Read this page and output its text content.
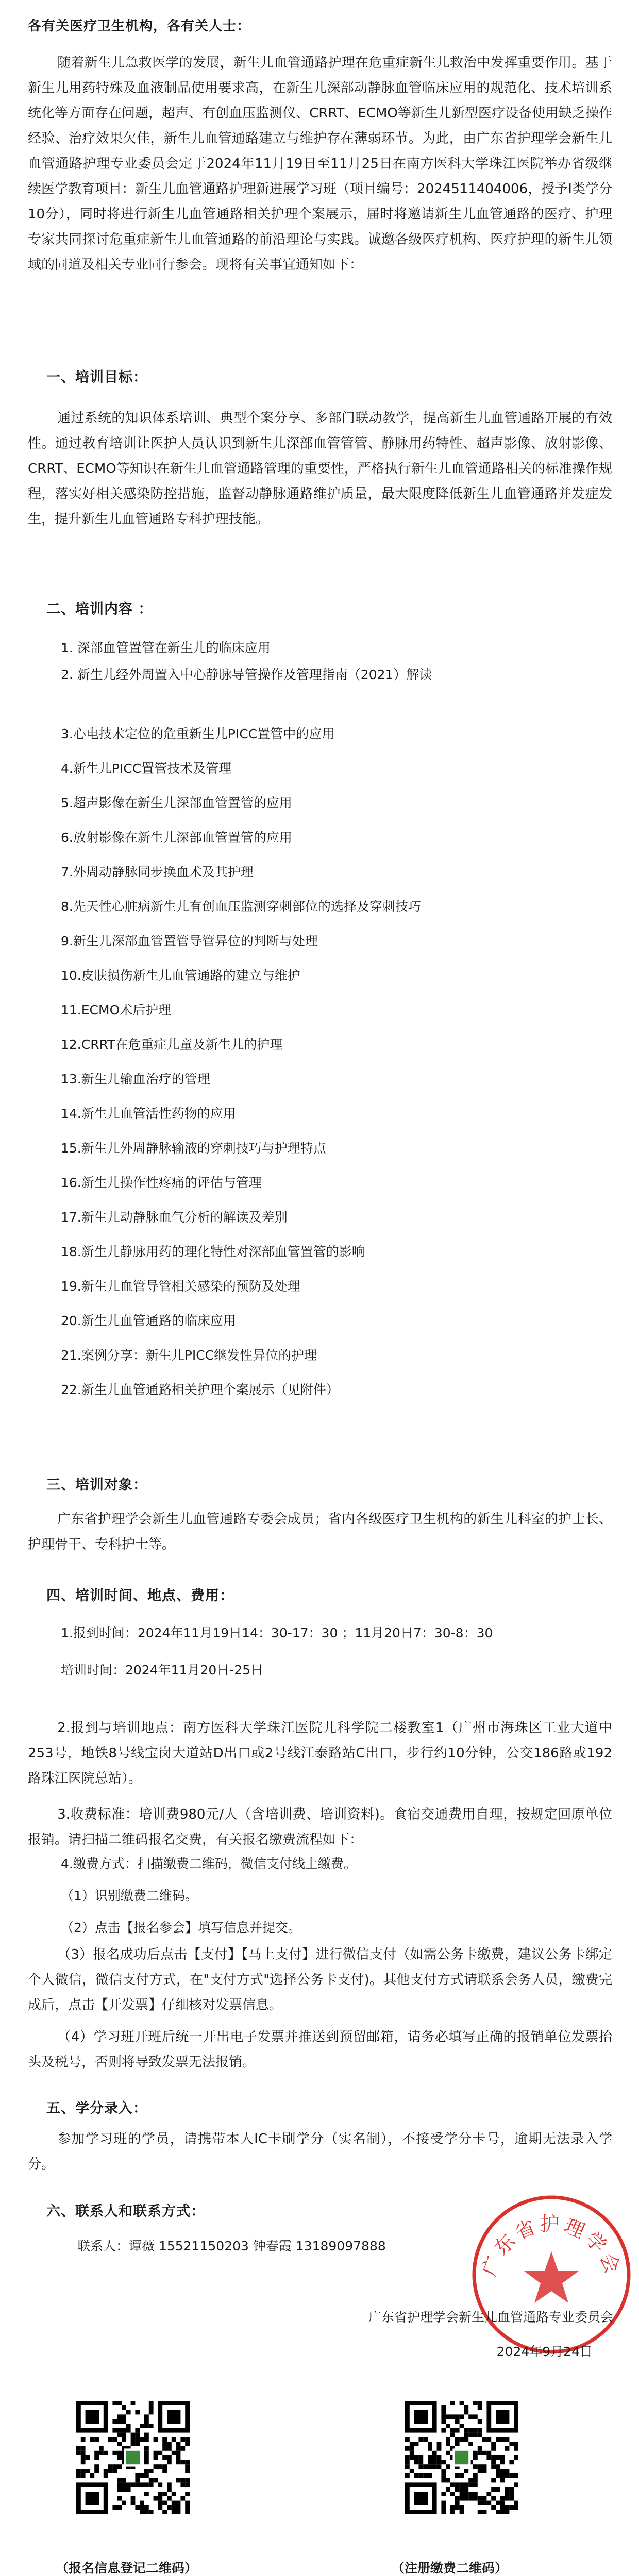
各有关医疗卫生机构，各有关人士：

随着新生儿急救医学的发展，新生儿血管通路护理在危重症新生儿救治中发挥重要作用。基于新生儿用药特殊及血液制品使用要求高，在新生儿深部动静脉血管临床应用的规范化、技术培训系统化等方面存在问题，超声、有创血压监测仪、CRRT、ECMO等新生儿新型医疗设备使用缺乏操作经验、治疗效果欠佳，新生儿血管通路建立与维护存在薄弱环节。为此，由广东省护理学会新生儿血管通路护理专业委员会定于2024年11月19日至11月25日在南方医科大学珠江医院举办省级继续医学教育项目：新生儿血管通路护理新进展学习班（项目编号：2024511404006，授予I类学分10分），同时将进行新生儿血管通路相关护理个案展示，届时将邀请新生儿血管通路的医疗、护理专家共同探讨危重症新生儿血管通路的前沿理论与实践。诚邀各级医疗机构、医疗护理的新生儿领域的同道及相关专业同行参会。现将有关事宜通知如下：

一、培训目标：

通过系统的知识体系培训、典型个案分享、多部门联动教学，提高新生儿血管通路开展的有效性。通过教育培训让医护人员认识到新生儿深部血管管管、静脉用药特性、超声影像、放射影像、CRRT、ECMO等知识在新生儿血管通路管理的重要性，严格执行新生儿血管通路相关的标准操作规程，落实好相关感染防控措施，监督动静脉通路维护质量，最大限度降低新生儿血管通路并发症发生，提升新生儿血管通路专科护理技能。

二、培训内容 ：
1. 深部血管置管在新生儿的临床应用
2. 新生儿经外周置入中心静脉导管操作及管理指南（2021）解读
3.心电技术定位的危重新生儿PICC置管中的应用
4.新生儿PICC置管技术及管理
5.超声影像在新生儿深部血管置管的应用
6.放射影像在新生儿深部血管置管的应用
7.外周动静脉同步换血术及其护理
8.先天性心脏病新生儿有创血压监测穿刺部位的选择及穿刺技巧
9.新生儿深部血管置管导管异位的判断与处理
10.皮肤损伤新生儿血管通路的建立与维护
11.ECMO术后护理
12.CRRT在危重症儿童及新生儿的护理
13.新生儿输血治疗的管理
14.新生儿血管活性药物的应用
15.新生儿外周静脉输液的穿刺技巧与护理特点
16.新生儿操作性疼痛的评估与管理
17.新生儿动静脉血气分析的解读及差别
18.新生儿静脉用药的理化特性对深部血管置管的影响
19.新生儿血管导管相关感染的预防及处理
20.新生儿血管通路的临床应用
21.案例分享：新生儿PICC继发性异位的护理
22.新生儿血管通路相关护理个案展示（见附件）
三、培训对象：

广东省护理学会新生儿血管通路专委会成员；省内各级医疗卫生机构的新生儿科室的护士长、护理骨干、专科护士等。

四、培训时间、地点、费用：
1.报到时间：2024年11月19日14：30-17：30 ；11月20日7：30-8：30
培训时间：2024年11月20日-25日

2.报到与培训地点：南方医科大学珠江医院儿科学院二楼教室1（广州市海珠区工业大道中253号，地铁8号线宝岗大道站D出口或2号线江泰路站C出口，步行约10分钟，公交186路或192路珠江医院总站）。

3.收费标准：培训费980元/人（含培训费、培训资料)。食宿交通费用自理，按规定回原单位报销。请扫描二维码报名交费，有关报名缴费流程如下：

4.缴费方式：扫描缴费二维码，微信支付线上缴费。
（1）识别缴费二维码。
（2）点击【报名参会】填写信息并提交。

（3）报名成功后点击【支付】【马上支付】进行微信支付（如需公务卡缴费，建议公务卡绑定个人微信，微信支付方式，在"支付方式"选择公务卡支付)。其他支付方式请联系会务人员，缴费完成后，点击【开发票】仔细核对发票信息。

（4）学习班开班后统一开出电子发票并推送到预留邮箱，请务必填写正确的报销单位发票抬头及税号，否则将导致发票无法报销。

五、学分录入：

参加学习班的学员，请携带本人IC卡刷学分（实名制），不接受学分卡号，逾期无法录入学分。

六、联系人和联系方式：
联系人：谭薇 15521150203 钟春霞 13189097888
广东省护理学会
广东省护理学会新生儿血管通路专业委员会
2024年9月24日
（报名信息登记二维码）	（注册缴费二维码）
